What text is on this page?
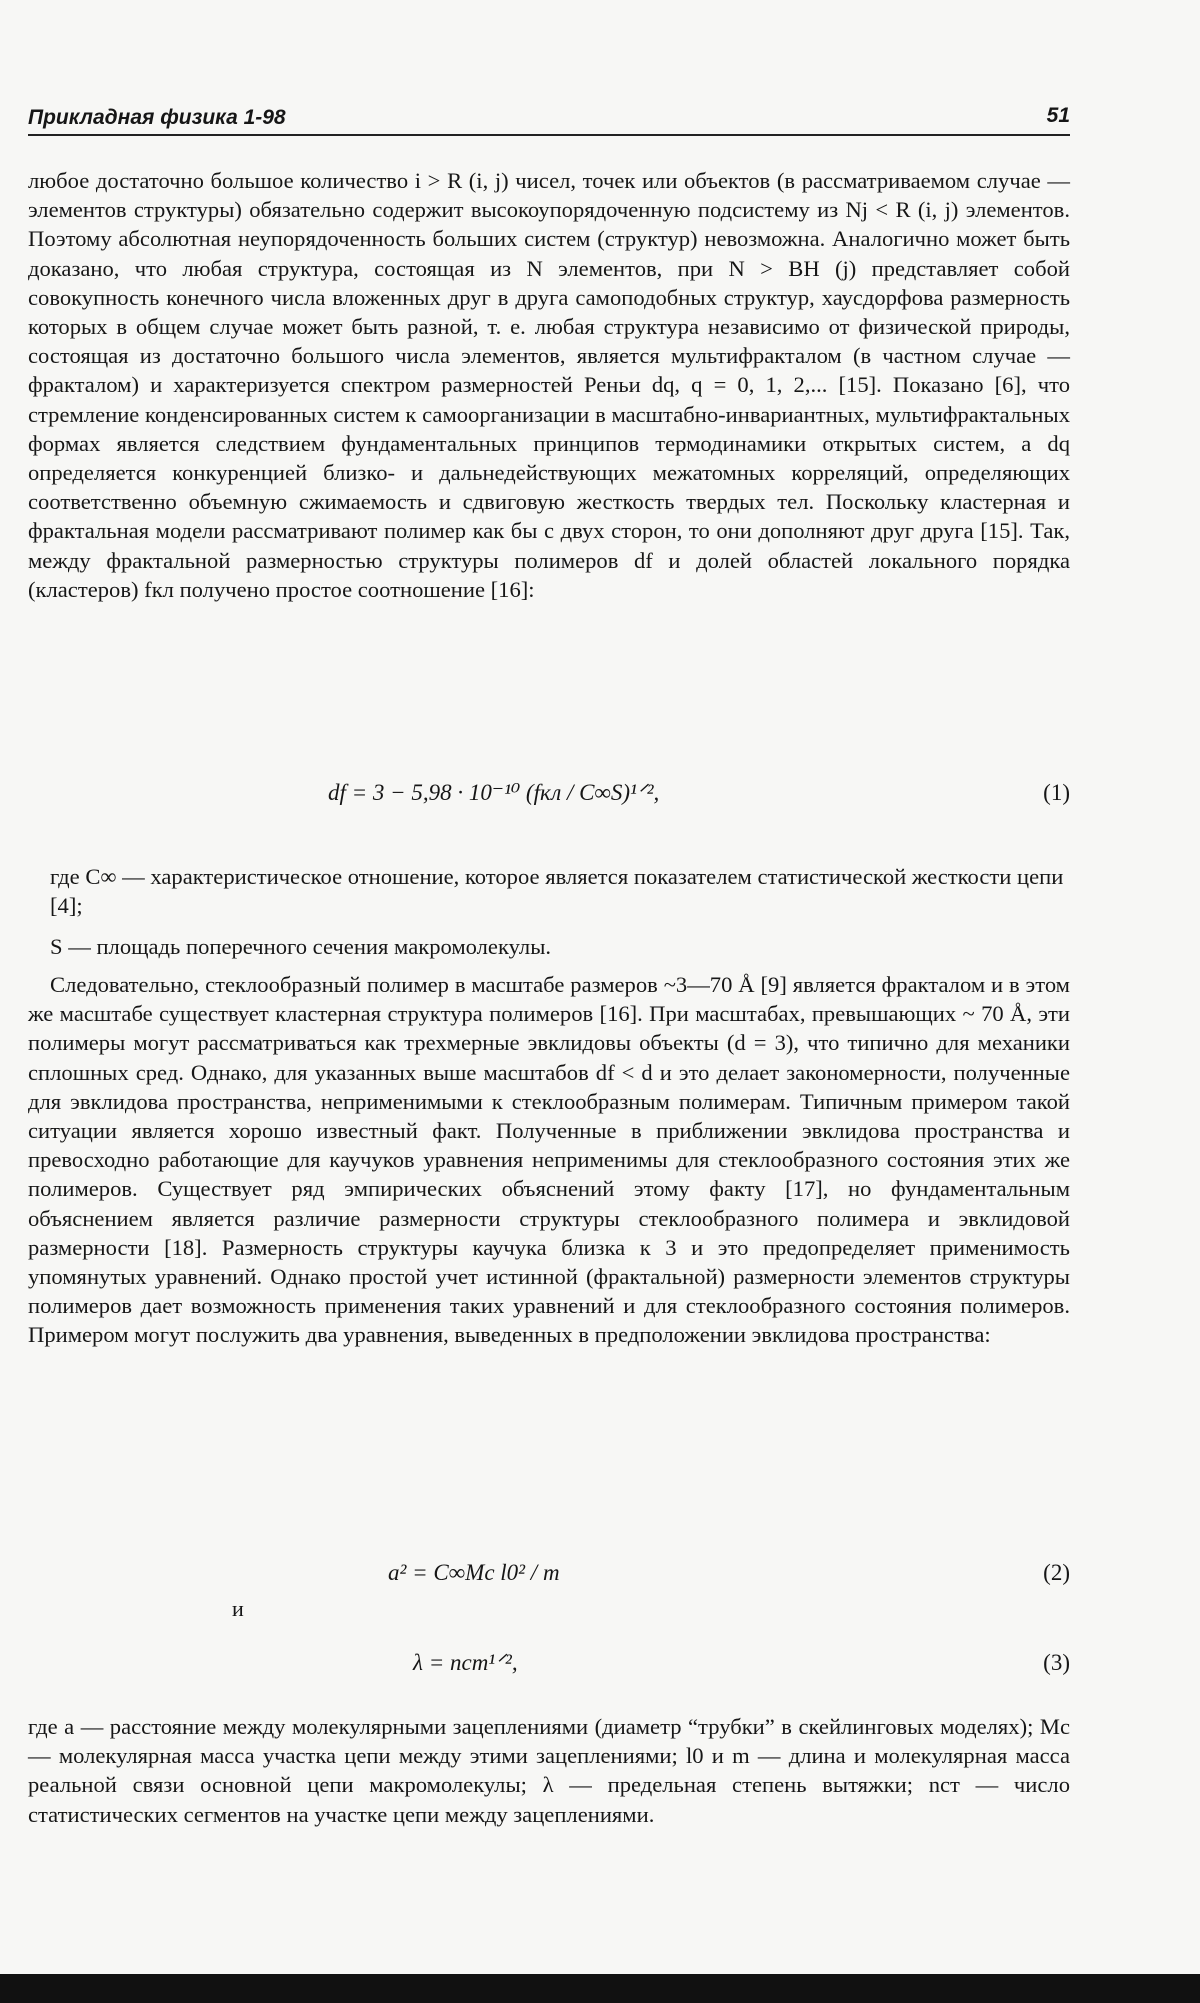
Прикладная физика 1-98	51

любое достаточно большое количество i > R (i, j) чисел, точек или объектов (в рассматриваемом случае — элементов структуры) обязательно содержит высокоупорядоченную подсистему из Nj < R (i, j) элементов. Поэтому абсолютная неупорядоченность больших систем (структур) невозможна. Аналогично может быть доказано, что любая структура, состоящая из N элементов, при N > BH (j) представляет собой совокупность конечного числа вложенных друг в друга самоподобных структур, хаусдорфова размерность которых в общем случае может быть разной, т. е. любая структура независимо от физической природы, состоящая из достаточно большого числа элементов, является мультифракталом (в частном случае — фракталом) и характеризуется спектром размерностей Реньи dq, q = 0, 1, 2,... [15]. Показано [6], что стремление конденсированных систем к самоорганизации в масштабно-инвариантных, мультифрактальных формах является следствием фундаментальных принципов термодинамики открытых систем, а dq определяется конкуренцией близко- и дальнедействующих межатомных корреляций, определяющих соответственно объемную сжимаемость и сдвиговую жесткость твердых тел. Поскольку кластерная и фрактальная модели рассматривают полимер как бы с двух сторон, то они дополняют друг друга [15]. Так, между фрактальной размерностью структуры полимеров df и долей областей локального порядка (кластеров) fкл получено простое соотношение [16]:

df = 3 − 5,98 · 10⁻¹⁰ (fкл / C∞S)¹ᐟ²,	(1)

где C∞ — характеристическое отношение, которое является показателем статистической жесткости цепи [4];

S — площадь поперечного сечения макромолекулы.

Следовательно, стеклообразный полимер в масштабе размеров ~3—70 Å [9] является фракталом и в этом же масштабе существует кластерная структура полимеров [16]. При масштабах, превышающих ~ 70 Å, эти полимеры могут рассматриваться как трехмерные эвклидовы объекты (d = 3), что типично для механики сплошных сред. Однако, для указанных выше масштабов df < d и это делает закономерности, полученные для эвклидова пространства, неприменимыми к стеклообразным полимерам. Типичным примером такой ситуации является хорошо известный факт. Полученные в приближении эвклидова пространства и превосходно работающие для каучуков уравнения неприменимы для стеклообразного состояния этих же полимеров. Существует ряд эмпирических объяснений этому факту [17], но фундаментальным объяснением является различие размерности структуры стеклообразного полимера и эвклидовой размерности [18]. Размерность структуры каучука близка к 3 и это предопределяет применимость упомянутых уравнений. Однако простой учет истинной (фрактальной) размерности элементов структуры полимеров дает возможность применения таких уравнений и для стеклообразного состояния полимеров. Примером могут послужить два уравнения, выведенных в предположении эвклидова пространства:

a² = C∞Mc l0² / m	(2)
и
λ = nст¹ᐟ²,	(3)

где a — расстояние между молекулярными зацеплениями (диаметр “трубки” в скейлинговых моделях); Mc — молекулярная масса участка цепи между этими зацеплениями; l0 и m — длина и молекулярная масса реальной связи основной цепи макромолекулы; λ — предельная степень вытяжки; nст — число статистических сегментов на участке цепи между зацеплениями.
